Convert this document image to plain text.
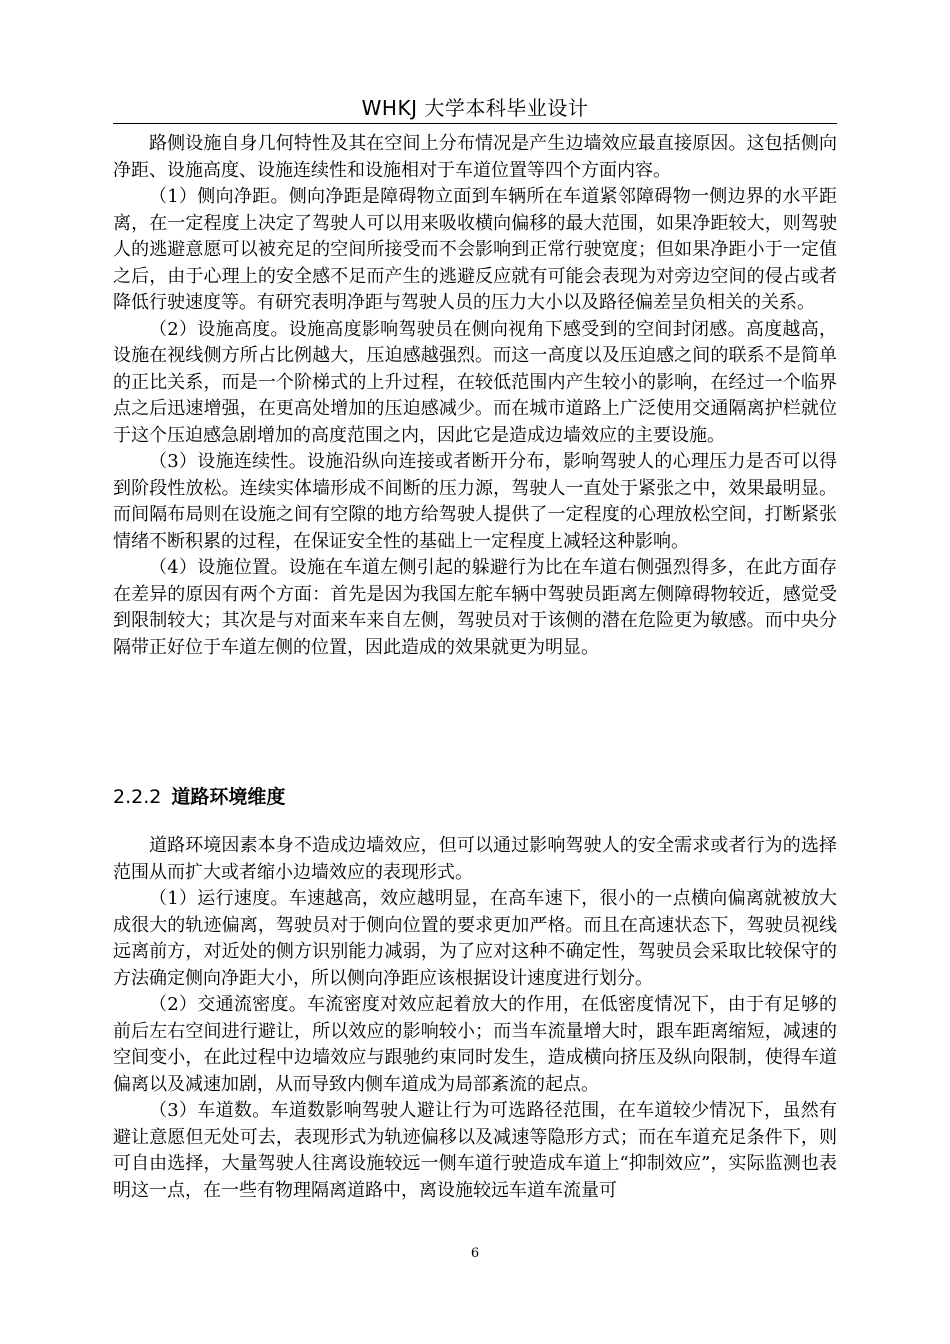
WHKJ 大学本科毕业设计

路侧设施自身几何特性及其在空间上分布情况是产生边墙效应最直接原因。这包括侧向净距、设施高度、设施连续性和设施相对于车道位置等四个方面内容。

（1）侧向净距。侧向净距是障碍物立面到车辆所在车道紧邻障碍物一侧边界的水平距离，在一定程度上决定了驾驶人可以用来吸收横向偏移的最大范围，如果净距较大，则驾驶人的逃避意愿可以被充足的空间所接受而不会影响到正常行驶宽度；但如果净距小于一定值之后，由于心理上的安全感不足而产生的逃避反应就有可能会表现为对旁边空间的侵占或者降低行驶速度等。有研究表明净距与驾驶人员的压力大小以及路径偏差呈负相关的关系。

（2）设施高度。设施高度影响驾驶员在侧向视角下感受到的空间封闭感。高度越高，设施在视线侧方所占比例越大，压迫感越强烈。而这一高度以及压迫感之间的联系不是简单的正比关系，而是一个阶梯式的上升过程，在较低范围内产生较小的影响，在经过一个临界点之后迅速增强，在更高处增加的压迫感减少。而在城市道路上广泛使用交通隔离护栏就位于这个压迫感急剧增加的高度范围之内，因此它是造成边墙效应的主要设施。

（3）设施连续性。设施沿纵向连接或者断开分布，影响驾驶人的心理压力是否可以得到阶段性放松。连续实体墙形成不间断的压力源，驾驶人一直处于紧张之中，效果最明显。而间隔布局则在设施之间有空隙的地方给驾驶人提供了一定程度的心理放松空间，打断紧张情绪不断积累的过程，在保证安全性的基础上一定程度上减轻这种影响。

（4）设施位置。设施在车道左侧引起的躲避行为比在车道右侧强烈得多，在此方面存在差异的原因有两个方面：首先是因为我国左舵车辆中驾驶员距离左侧障碍物较近，感觉受到限制较大；其次是与对面来车来自左侧，驾驶员对于该侧的潜在危险更为敏感。而中央分隔带正好位于车道左侧的位置，因此造成的效果就更为明显。

2.2.2 道路环境维度

道路环境因素本身不造成边墙效应，但可以通过影响驾驶人的安全需求或者行为的选择范围从而扩大或者缩小边墙效应的表现形式。

（1）运行速度。车速越高，效应越明显，在高车速下，很小的一点横向偏离就被放大成很大的轨迹偏离，驾驶员对于侧向位置的要求更加严格。而且在高速状态下，驾驶员视线远离前方，对近处的侧方识别能力减弱，为了应对这种不确定性，驾驶员会采取比较保守的方法确定侧向净距大小，所以侧向净距应该根据设计速度进行划分。

（2）交通流密度。车流密度对效应起着放大的作用，在低密度情况下，由于有足够的前后左右空间进行避让，所以效应的影响较小；而当车流量增大时，跟车距离缩短，减速的空间变小，在此过程中边墙效应与跟驰约束同时发生，造成横向挤压及纵向限制，使得车道偏离以及减速加剧，从而导致内侧车道成为局部紊流的起点。

（3）车道数。车道数影响驾驶人避让行为可选路径范围，在车道较少情况下，虽然有避让意愿但无处可去，表现形式为轨迹偏移以及减速等隐形方式；而在车道充足条件下，则可自由选择，大量驾驶人往离设施较远一侧车道行驶造成车道上“抑制效应”，实际监测也表明这一点，在一些有物理隔离道路中，离设施较远车道车流量可

6
